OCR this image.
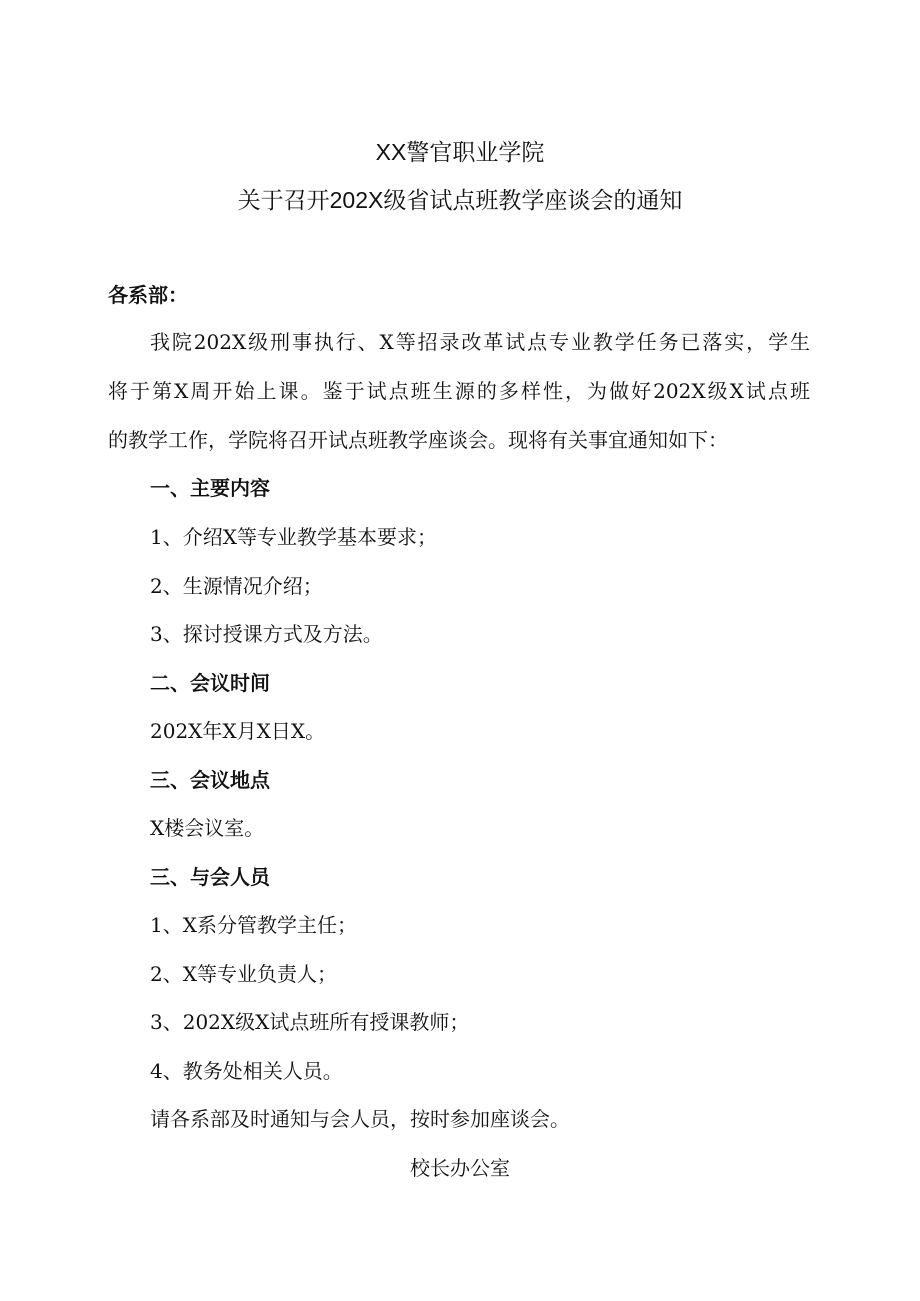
XX警官职业学院
关于召开202X级省试点班教学座谈会的通知
各系部：
我院202X级刑事执行、X等招录改革试点专业教学任务已落实，学生
将于第X周开始上课。鉴于试点班生源的多样性，为做好202X级X试点班
的教学工作，学院将召开试点班教学座谈会。现将有关事宜通知如下：
一、主要内容
1、介绍X等专业教学基本要求；
2、生源情况介绍；
3、探讨授课方式及方法。
二、会议时间
202X年X月X日X。
三、会议地点
X楼会议室。
三、与会人员
1、X系分管教学主任；
2、X等专业负责人；
3、202X级X试点班所有授课教师；
4、教务处相关人员。
请各系部及时通知与会人员，按时参加座谈会。
校长办公室
